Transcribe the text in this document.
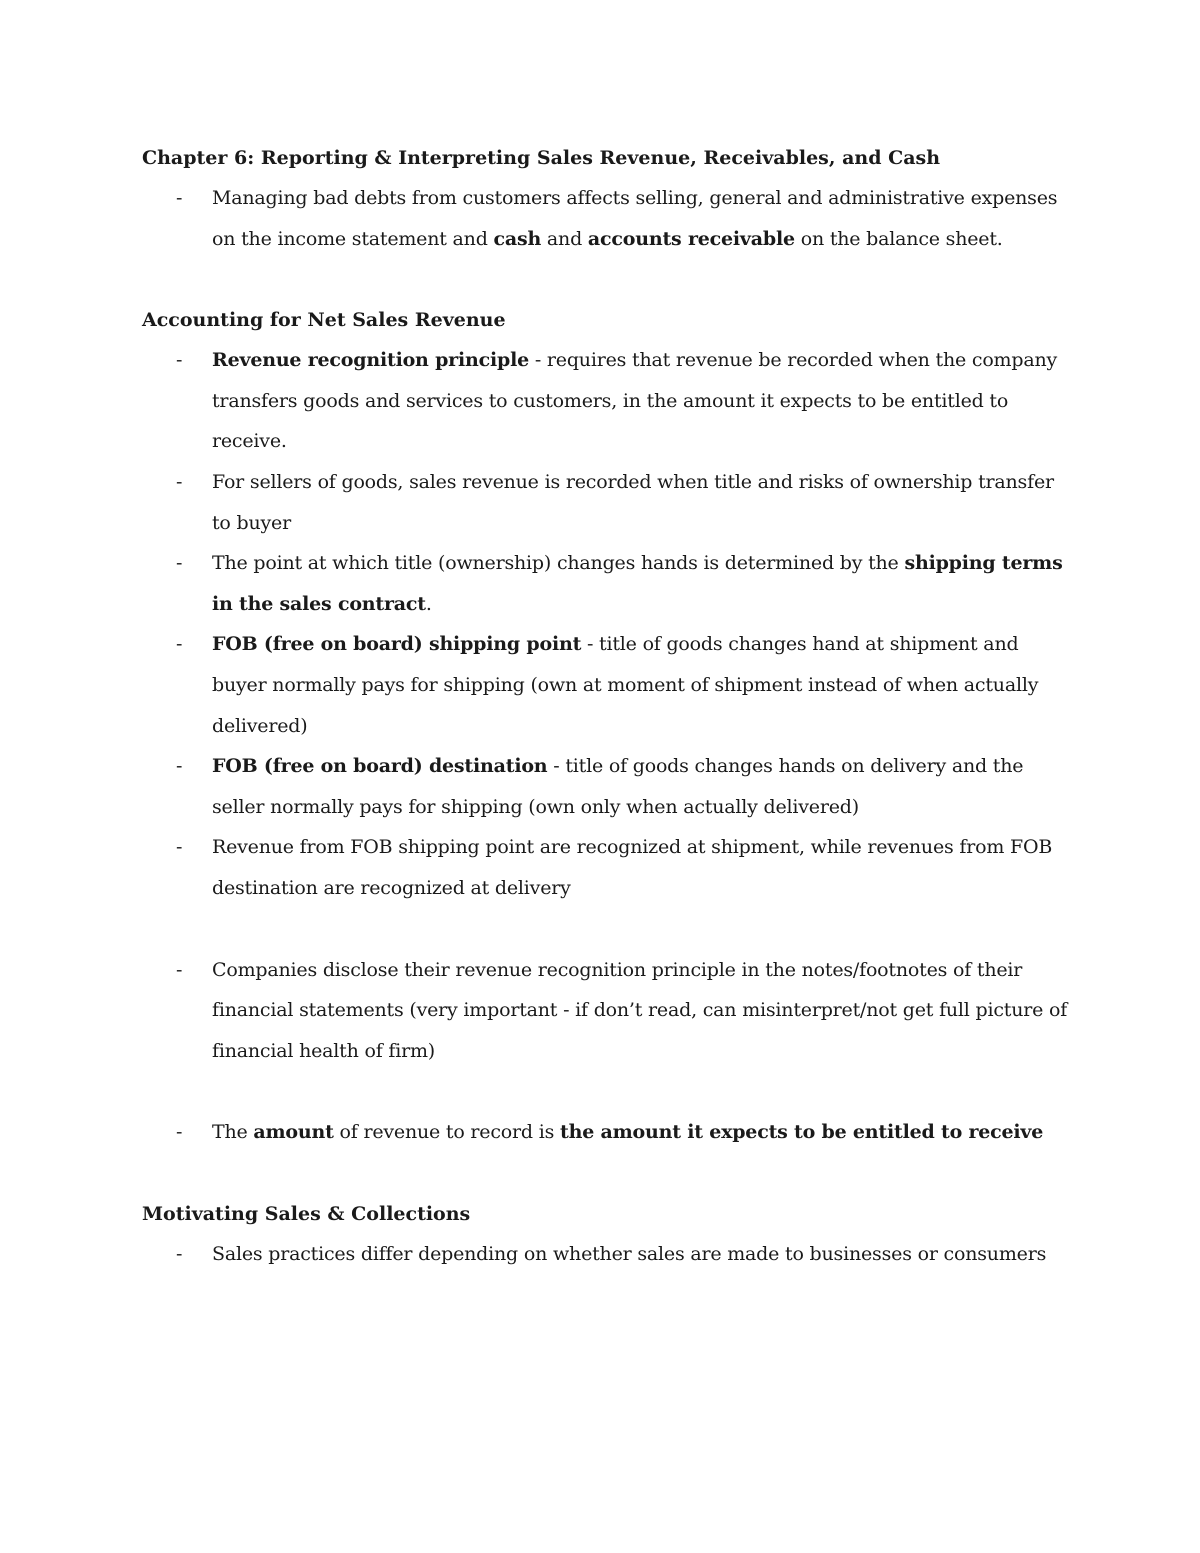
Chapter 6: Reporting & Interpreting Sales Revenue, Receivables, and Cash
-	Managing bad debts from customers affects selling, general and administrative expenses on the income statement and cash and accounts receivable on the balance sheet.
Accounting for Net Sales Revenue
-	Revenue recognition principle - requires that revenue be recorded when the company transfers goods and services to customers, in the amount it expects to be entitled to receive.
-	For sellers of goods, sales revenue is recorded when title and risks of ownership transfer to buyer
-	The point at which title (ownership) changes hands is determined by the shipping terms in the sales contract.
-	FOB (free on board) shipping point - title of goods changes hand at shipment and buyer normally pays for shipping (own at moment of shipment instead of when actually delivered)
-	FOB (free on board) destination - title of goods changes hands on delivery and the seller normally pays for shipping (own only when actually delivered)
-	Revenue from FOB shipping point are recognized at shipment, while revenues from FOB destination are recognized at delivery
-	Companies disclose their revenue recognition principle in the notes/footnotes of their financial statements (very important - if don’t read, can misinterpret/not get full picture of financial health of firm)
-	The amount of revenue to record is the amount it expects to be entitled to receive
Motivating Sales & Collections
-	Sales practices differ depending on whether sales are made to businesses or consumers
